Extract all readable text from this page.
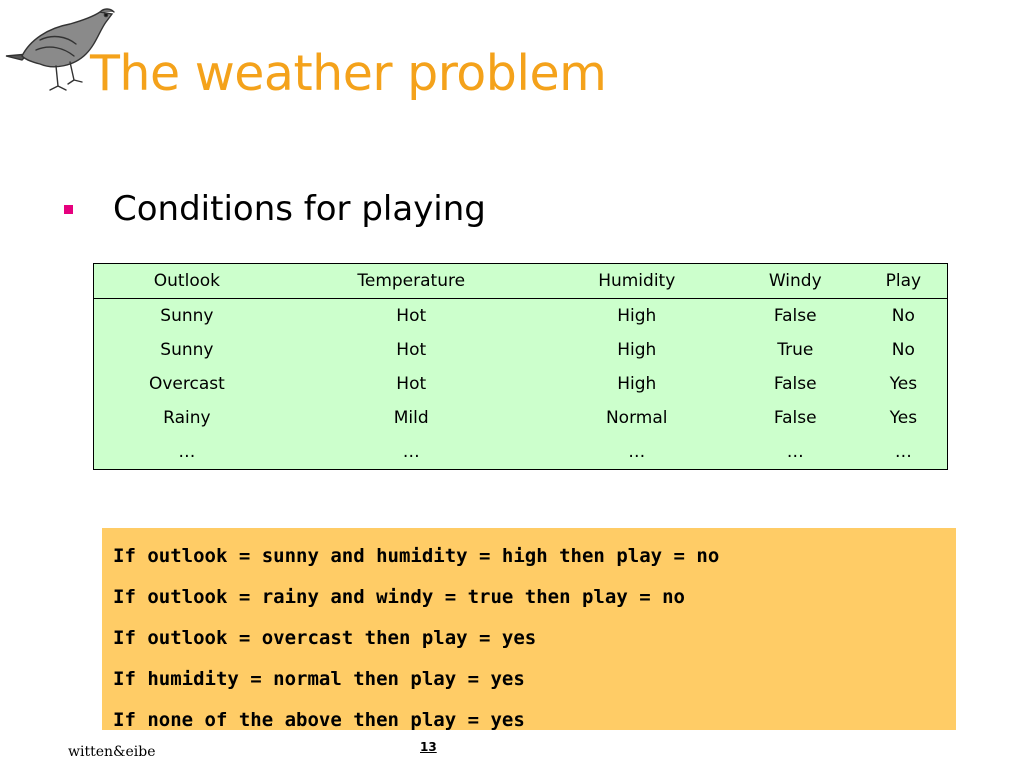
The weather problem
Conditions for playing
Outlook	Temperature	Humidity	Windy	Play
Sunny	Hot	High	False	No
Sunny	Hot	High	True	No
Overcast	Hot	High	False	Yes
Rainy	Mild	Normal	False	Yes
…	…	…	…	…
If outlook = sunny and humidity = high then play = no
If outlook = rainy and windy = true then play = no
If outlook = overcast then play = yes
If humidity = normal then play = yes
If none of the above then play = yes
witten&eibe	13
